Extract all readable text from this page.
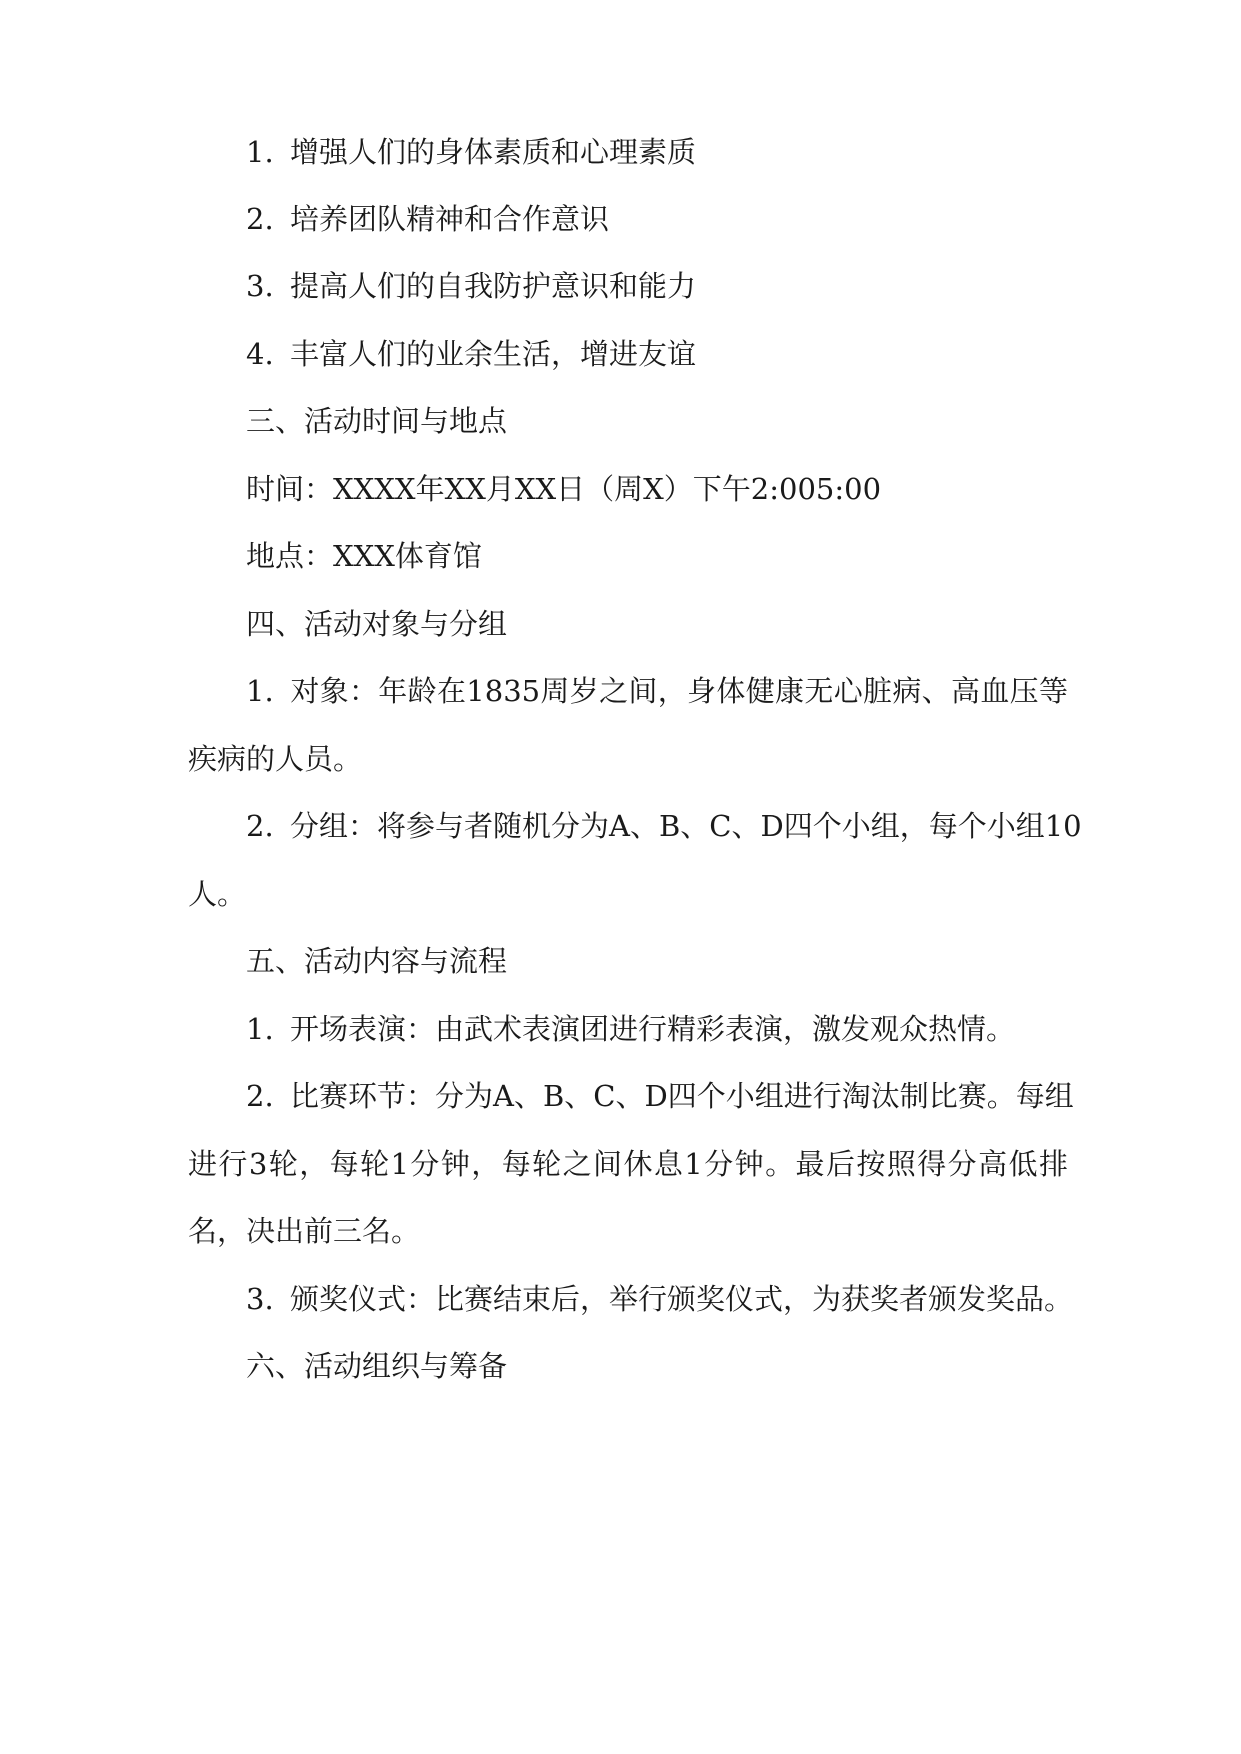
1. 增强人们的身体素质和心理素质
2. 培养团队精神和合作意识
3. 提高人们的自我防护意识和能力
4. 丰富人们的业余生活，增进友谊
三、活动时间与地点
时间：XXXX年XX月XX日（周X）下午2:005:00
地点：XXX体育馆
四、活动对象与分组
1. 对象：年龄在1835周岁之间，身体健康无心脏病、高血压等
疾病的人员。
2. 分组：将参与者随机分为A、B、C、D四个小组，每个小组10
人。
五、活动内容与流程
1. 开场表演：由武术表演团进行精彩表演，激发观众热情。
2. 比赛环节：分为A、B、C、D四个小组进行淘汰制比赛。每组
进行3轮，每轮1分钟，每轮之间休息1分钟。最后按照得分高低排
名，决出前三名。
3. 颁奖仪式：比赛结束后，举行颁奖仪式，为获奖者颁发奖品。
六、活动组织与筹备
